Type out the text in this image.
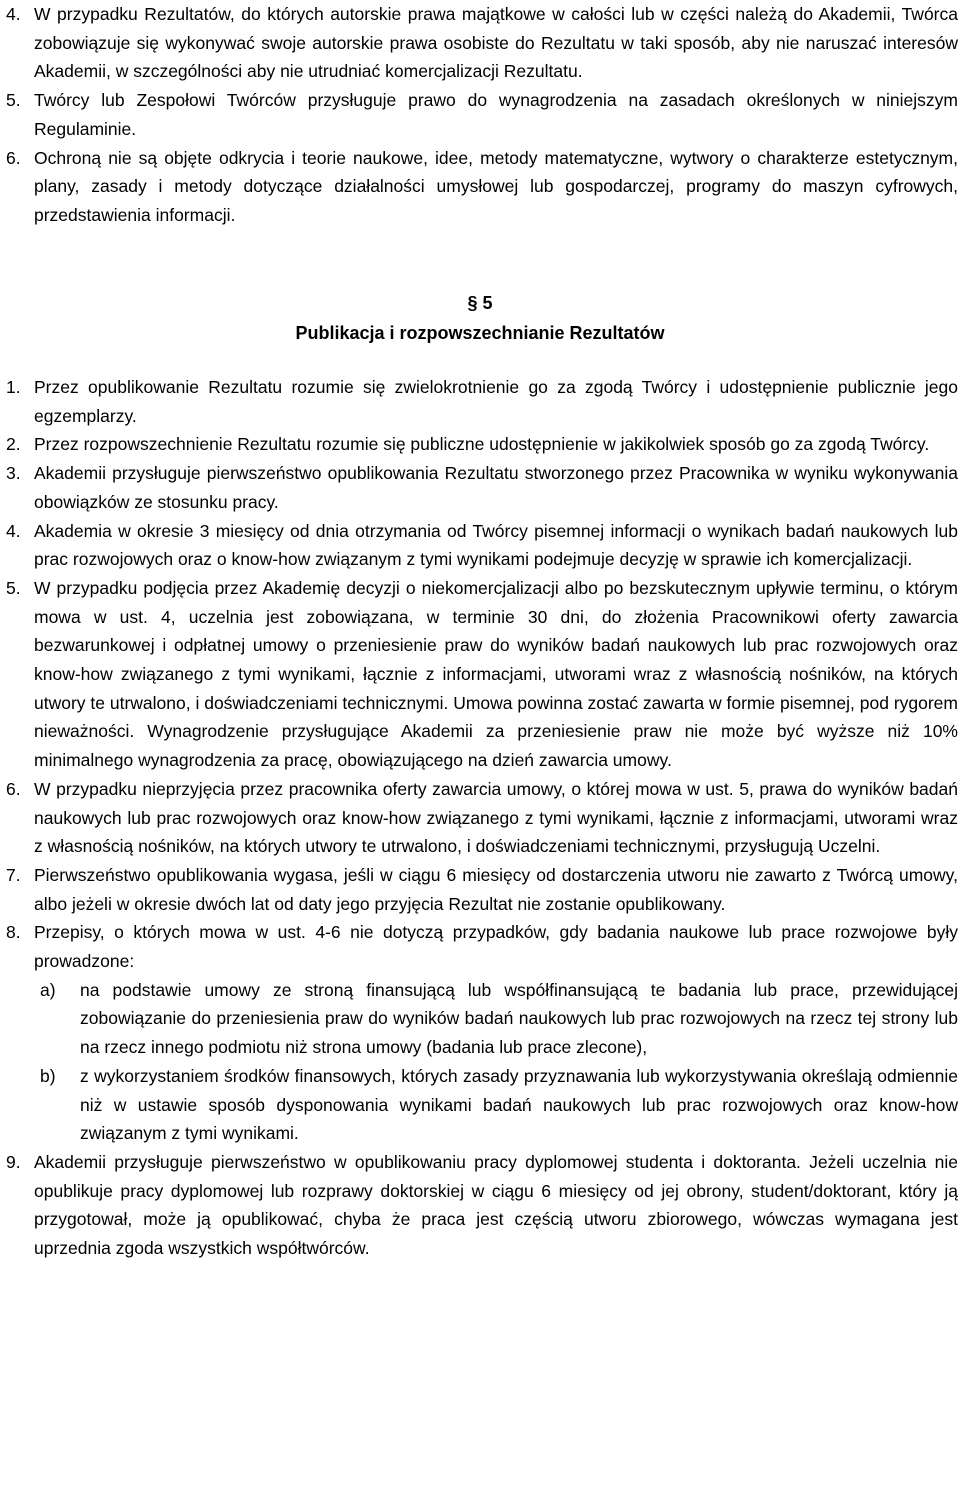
4. W przypadku Rezultatów, do których autorskie prawa majątkowe w całości lub w części należą do Akademii, Twórca zobowiązuje się wykonywać swoje autorskie prawa osobiste do Rezultatu w taki sposób, aby nie naruszać interesów Akademii, w szczególności aby nie utrudniać komercjalizacji Rezultatu.
5. Twórcy lub Zespołowi Twórców przysługuje prawo do wynagrodzenia na zasadach określonych w niniejszym Regulaminie.
6. Ochroną nie są objęte odkrycia i teorie naukowe, idee, metody matematyczne, wytwory o charakterze estetycznym, plany, zasady i metody dotyczące działalności umysłowej lub gospodarczej, programy do maszyn cyfrowych, przedstawienia informacji.
§ 5
Publikacja i rozpowszechnianie Rezultatów
1. Przez opublikowanie Rezultatu rozumie się zwielokrotnienie go za zgodą Twórcy i udostępnienie publicznie jego egzemplarzy.
2. Przez rozpowszechnienie Rezultatu rozumie się publiczne udostępnienie w jakikolwiek sposób go za zgodą Twórcy.
3. Akademii przysługuje pierwszeństwo opublikowania Rezultatu stworzonego przez Pracownika w wyniku wykonywania obowiązków ze stosunku pracy.
4. Akademia w okresie 3 miesięcy od dnia otrzymania od Twórcy pisemnej informacji o wynikach badań naukowych lub prac rozwojowych oraz o know-how związanym z tymi wynikami podejmuje decyzję w sprawie ich komercjalizacji.
5. W przypadku podjęcia przez Akademię decyzji o niekomercjalizacji albo po bezskutecznym upływie terminu, o którym mowa w ust. 4, uczelnia jest zobowiązana, w terminie 30 dni, do złożenia Pracownikowi oferty zawarcia bezwarunkowej i odpłatnej umowy o przeniesienie praw do wyników badań naukowych lub prac rozwojowych oraz know-how związanego z tymi wynikami, łącznie z informacjami, utworami wraz z własnością nośników, na których utwory te utrwalono, i doświadczeniami technicznymi. Umowa powinna zostać zawarta w formie pisemnej, pod rygorem nieważności. Wynagrodzenie przysługujące Akademii za przeniesienie praw nie może być wyższe niż 10% minimalnego wynagrodzenia za pracę, obowiązującego na dzień zawarcia umowy.
6. W przypadku nieprzyjęcia przez pracownika oferty zawarcia umowy, o której mowa w ust. 5, prawa do wyników badań naukowych lub prac rozwojowych oraz know-how związanego z tymi wynikami, łącznie z informacjami, utworami wraz z własnością nośników, na których utwory te utrwalono, i doświadczeniami technicznymi, przysługują Uczelni.
7. Pierwszeństwo opublikowania wygasa, jeśli w ciągu 6 miesięcy od dostarczenia utworu nie zawarto z Twórcą umowy, albo jeżeli w okresie dwóch lat od daty jego przyjęcia Rezultat nie zostanie opublikowany.
8. Przepisy, o których mowa w ust. 4-6 nie dotyczą przypadków, gdy badania naukowe lub prace rozwojowe były prowadzone:
a) na podstawie umowy ze stroną finansującą lub współfinansującą te badania lub prace, przewidującej zobowiązanie do przeniesienia praw do wyników badań naukowych lub prac rozwojowych na rzecz tej strony lub na rzecz innego podmiotu niż strona umowy (badania lub prace zlecone),
b) z wykorzystaniem środków finansowych, których zasady przyznawania lub wykorzystywania określają odmiennie niż w ustawie sposób dysponowania wynikami badań naukowych lub prac rozwojowych oraz know-how związanym z tymi wynikami.
9. Akademii przysługuje pierwszeństwo w opublikowaniu pracy dyplomowej studenta i doktoranta. Jeżeli uczelnia nie opublikuje pracy dyplomowej lub rozprawy doktorskiej w ciągu 6 miesięcy od jej obrony, student/doktorant, który ją przygotował, może ją opublikować, chyba że praca jest częścią utworu zbiorowego, wówczas wymagana jest uprzednia zgoda wszystkich współtwórców.
